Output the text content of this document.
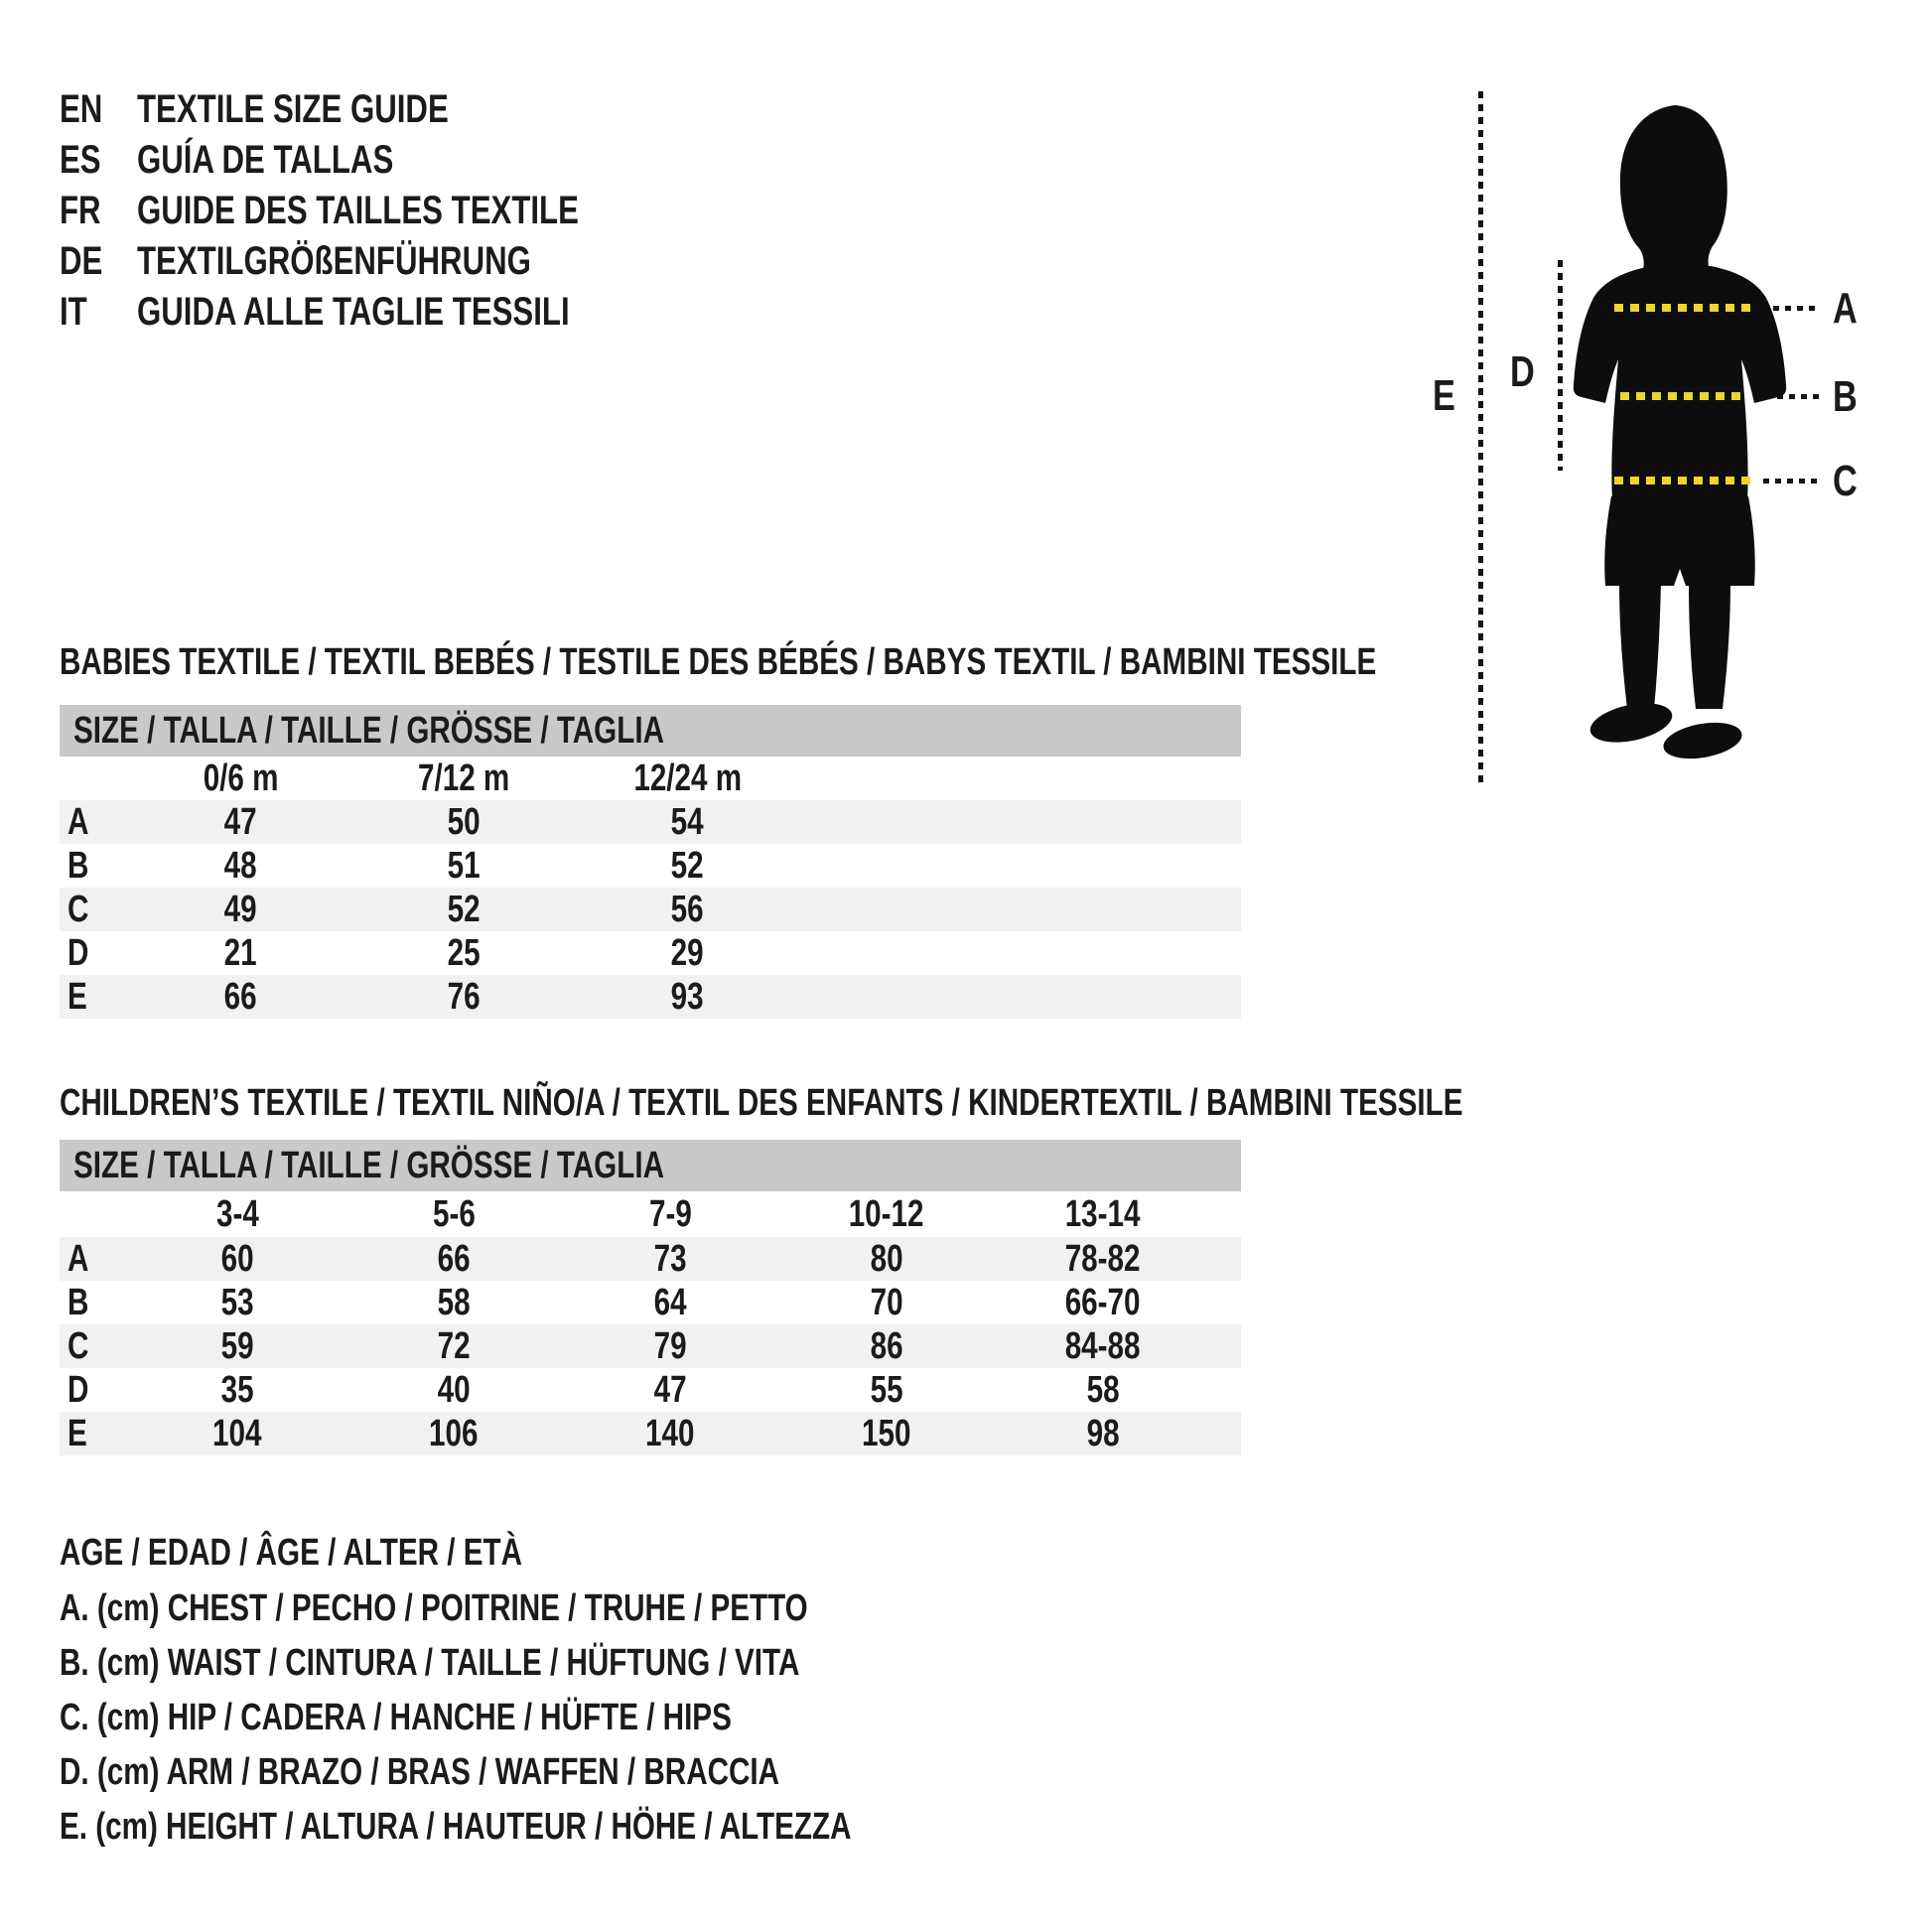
EN TEXTILE SIZE GUIDE
ES GUÍA DE TALLAS
FR GUIDE DES TAILLES TEXTILE
DE TEXTILGRÖßENFÜHRUNG
IT	GUIDA ALLE TAGLIE TESSILI	A
B
C
D
E
BABIES TEXTILE / TEXTIL BEBÉS / TESTILE DES BÉBÉS / BABYS TEXTIL / BAMBINI TESSILE
SIZE / TALLA / TAILLE / GRÖSSE / TAGLIA
0/6 m	7/12 m	12/24 m
A	47	50	54
B	48	51	52
C	49	52	56
D	21	25	29
E	66	76	93
CHILDREN’S TEXTILE / TEXTIL NIÑO/A / TEXTIL DES ENFANTS / KINDERTEXTIL / BAMBINI TESSILE
SIZE / TALLA / TAILLE / GRÖSSE / TAGLIA
3-4	5-6	7-9	10-12	13-14
A	60	66	73	80	78-82
B	53	58	64	70	66-70
C	59	72	79	86	84-88
D	35	40	47	55	58
E	104	106	140	150	98
AGE / EDAD / ÂGE / ALTER / ETÀ
A. (cm) CHEST / PECHO / POITRINE / TRUHE / PETTO
B. (cm) WAIST / CINTURA / TAILLE / HÜFTUNG / VITA
C. (cm) HIP / CADERA / HANCHE / HÜFTE / HIPS
D. (cm) ARM / BRAZO / BRAS / WAFFEN / BRACCIA
E. (cm) HEIGHT / ALTURA / HAUTEUR / HÖHE / ALTEZZA
